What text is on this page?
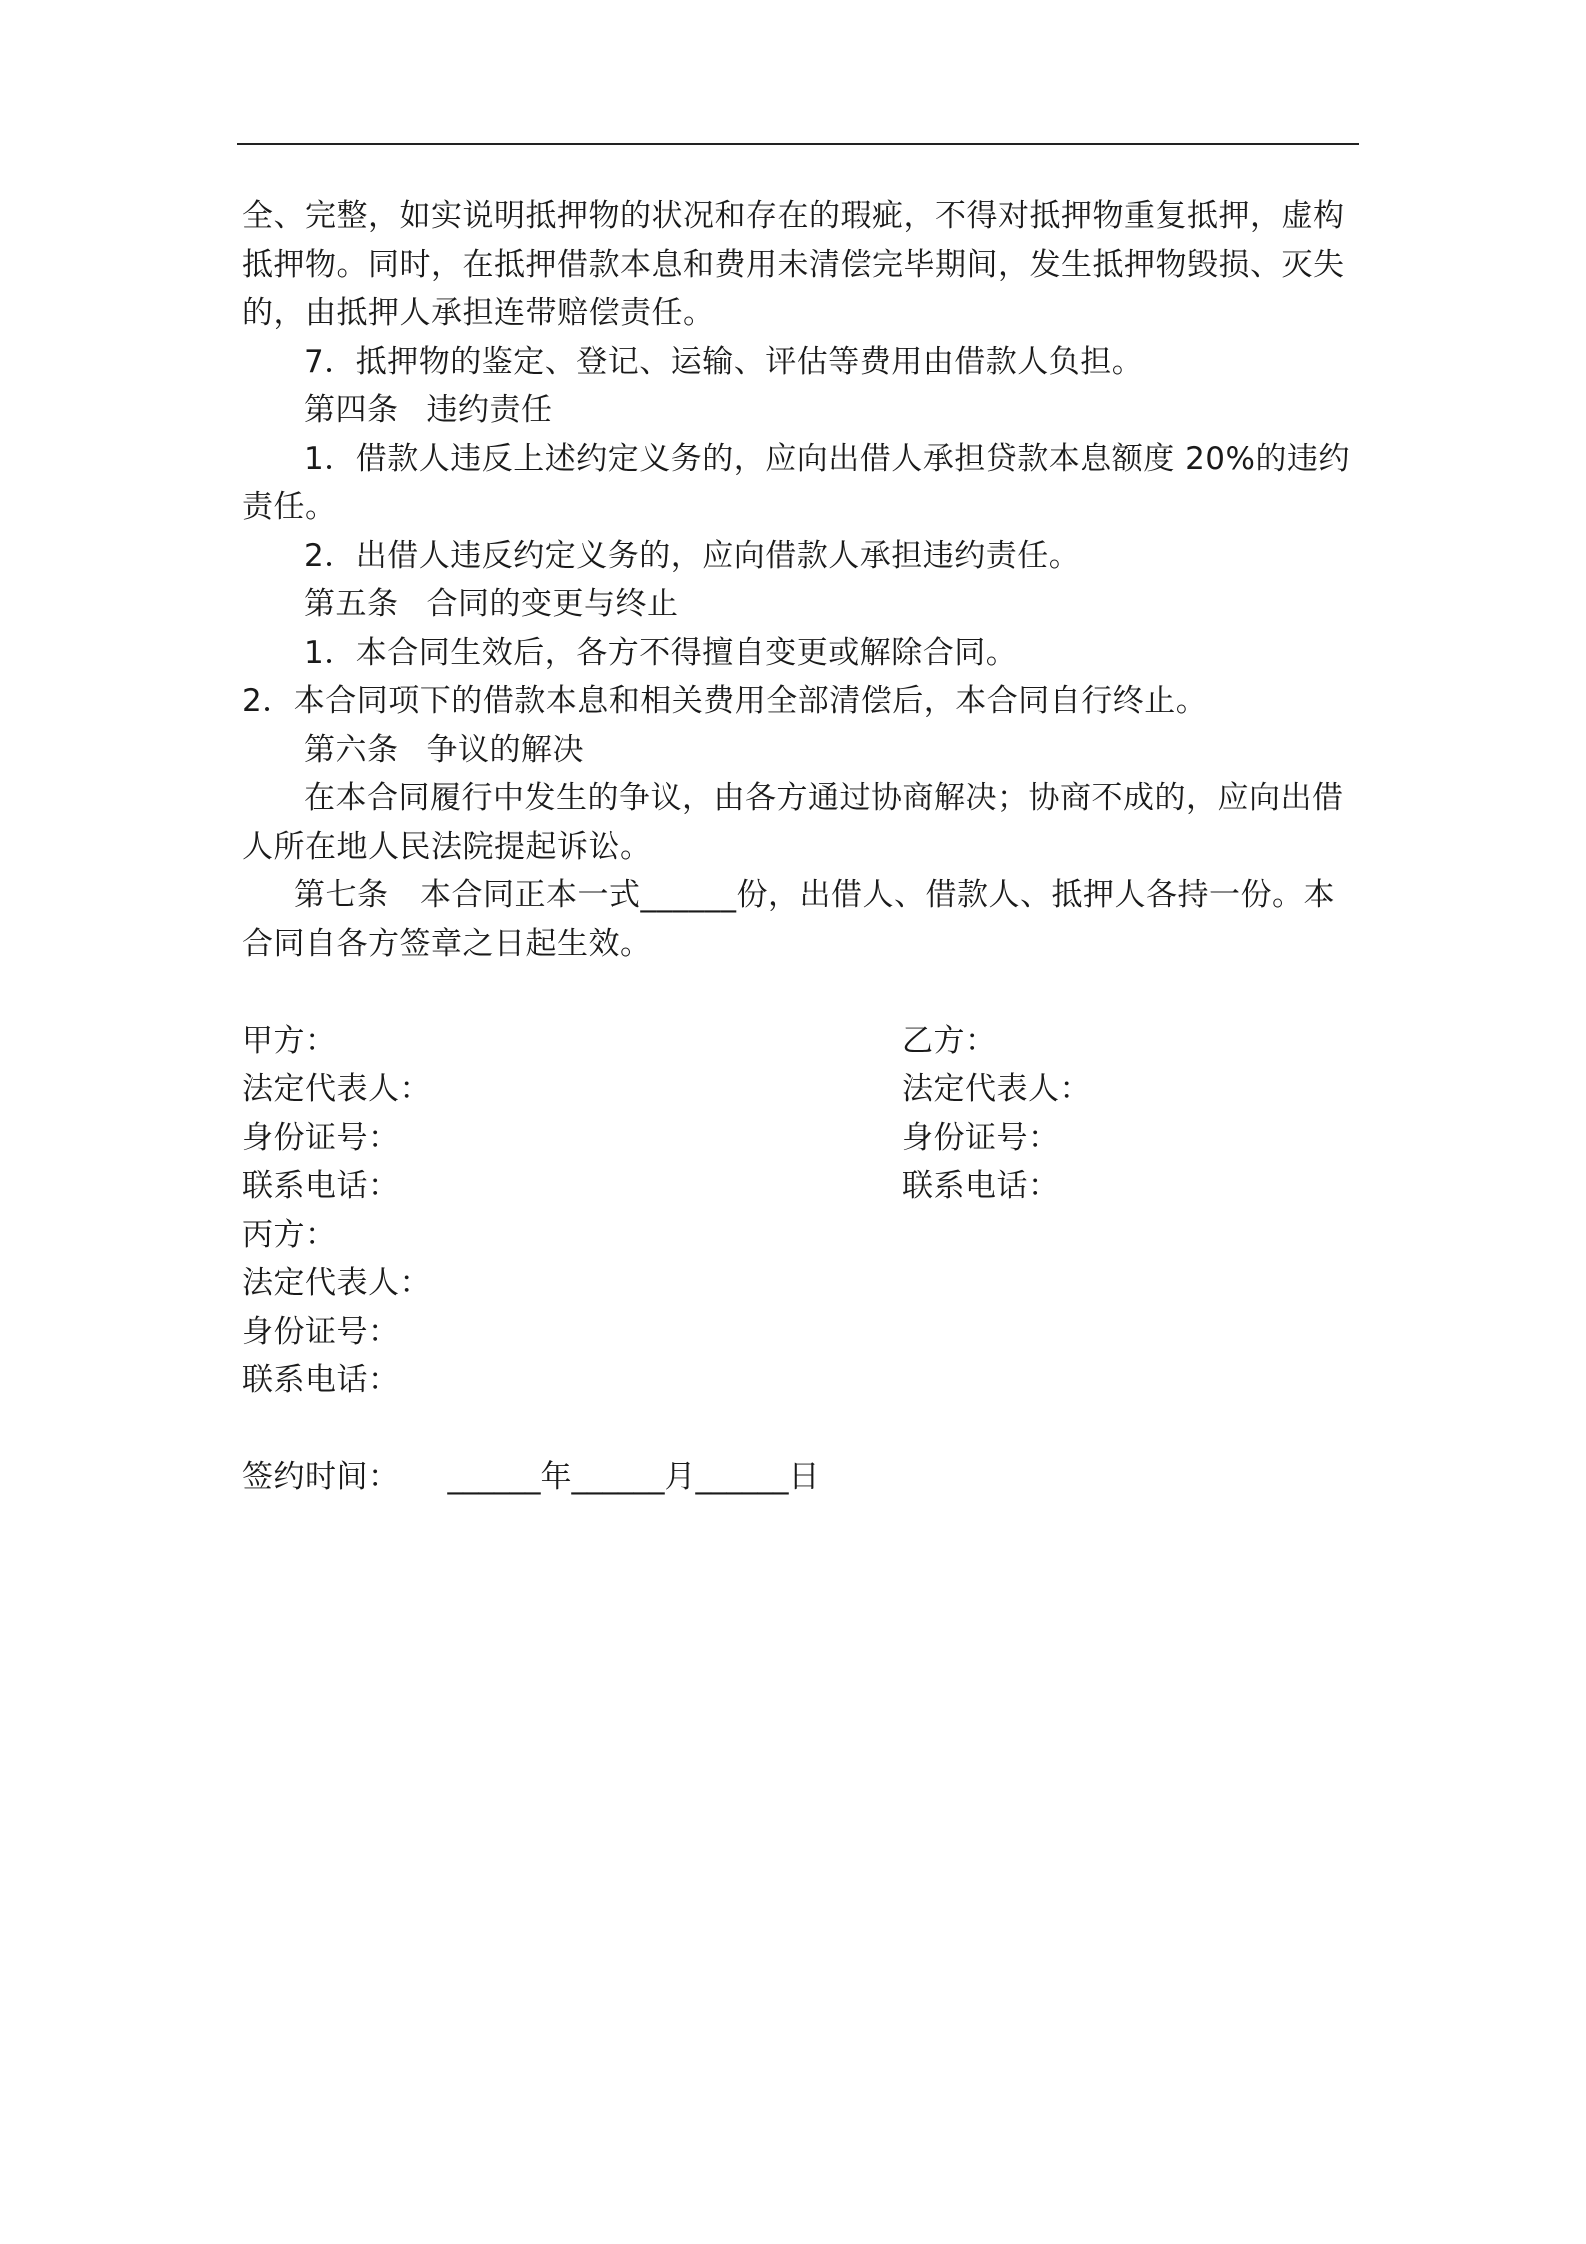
全、完整，如实说明抵押物的状况和存在的瑕疵，不得对抵押物重复抵押，虚构抵押物。同时，在抵押借款本息和费用未清偿完毕期间，发生抵押物毁损、灭失的，由抵押人承担连带赔偿责任。

7．抵押物的鉴定、登记、运输、评估等费用由借款人负担。

第四条 违约责任

1．借款人违反上述约定义务的，应向出借人承担贷款本息额度 20%的违约责任。

2．出借人违反约定义务的，应向借款人承担违约责任。

第五条 合同的变更与终止

1．本合同生效后，各方不得擅自变更或解除合同。

2．本合同项下的借款本息和相关费用全部清偿后，本合同自行终止。

第六条 争议的解决

在本合同履行中发生的争议，由各方通过协商解决；协商不成的，应向出借人所在地人民法院提起诉讼。

第七条　本合同正本一式______份，出借人、借款人、抵押人各持一份。本合同自各方签章之日起生效。

甲方：	乙方：
法定代表人：	法定代表人：
身份证号：	身份证号：
联系电话：	联系电话：
丙方：
法定代表人：
身份证号：
联系电话：

签约时间： ______年______月______日
